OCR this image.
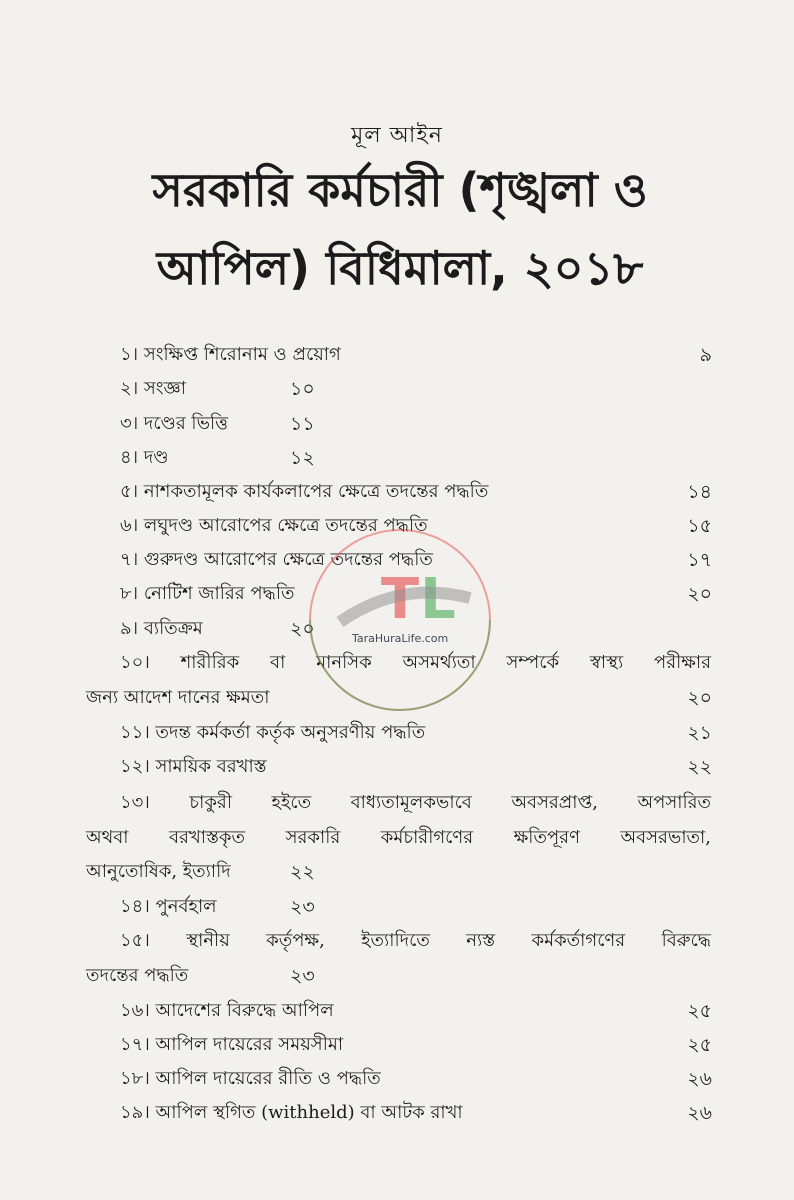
মূল আইন
সরকারি কর্মচারী (শৃঙ্খলা ও
আপিল) বিধিমালা, ২০১৮
১। সংক্ষিপ্ত শিরোনাম ও প্রয়োগ	৯
২। সংজ্ঞা	১০
৩। দণ্ডের ভিত্তি	১১
৪। দণ্ড	১২
৫। নাশকতামূলক কার্যকলাপের ক্ষেত্রে তদন্তের পদ্ধতি	১৪
৬। লঘুদণ্ড আরোপের ক্ষেত্রে তদন্তের পদ্ধতি	১৫
৭। গুরুদণ্ড আরোপের ক্ষেত্রে তদন্তের পদ্ধতি	১৭
৮। নোটিশ জারির পদ্ধতি	২০
৯। ব্যতিক্রম	২০
১০। শারীরিক বা মানসিক অসমর্থ্যতা সম্পর্কে স্বাস্থ্য পরীক্ষার
জন্য আদেশ দানের ক্ষমতা	২০
১১। তদন্ত কর্মকর্তা কর্তৃক অনুসরণীয় পদ্ধতি	২১
১২। সাময়িক বরখাস্ত	২২
১৩। চাকুরী হইতে বাধ্যতামূলকভাবে অবসরপ্রাপ্ত, অপসারিত
অথবা বরখাস্তকৃত সরকারি কর্মচারীগণের ক্ষতিপূরণ অবসরভাতা,
আনুতোষিক, ইত্যাদি	২২
১৪। পুনর্বহাল	২৩
১৫। স্থানীয় কর্তৃপক্ষ, ইত্যাদিতে ন্যস্ত কর্মকর্তাগণের বিরুদ্ধে
তদন্তের পদ্ধতি	২৩
১৬। আদেশের বিরুদ্ধে আপিল	২৫
১৭। আপিল দায়েরের সময়সীমা	২৫
১৮। আপিল দায়েরের রীতি ও পদ্ধতি	২৬
১৯। আপিল স্থগিত (withheld) বা আটক রাখা	২৬
T L
TaraHuraLife.com
